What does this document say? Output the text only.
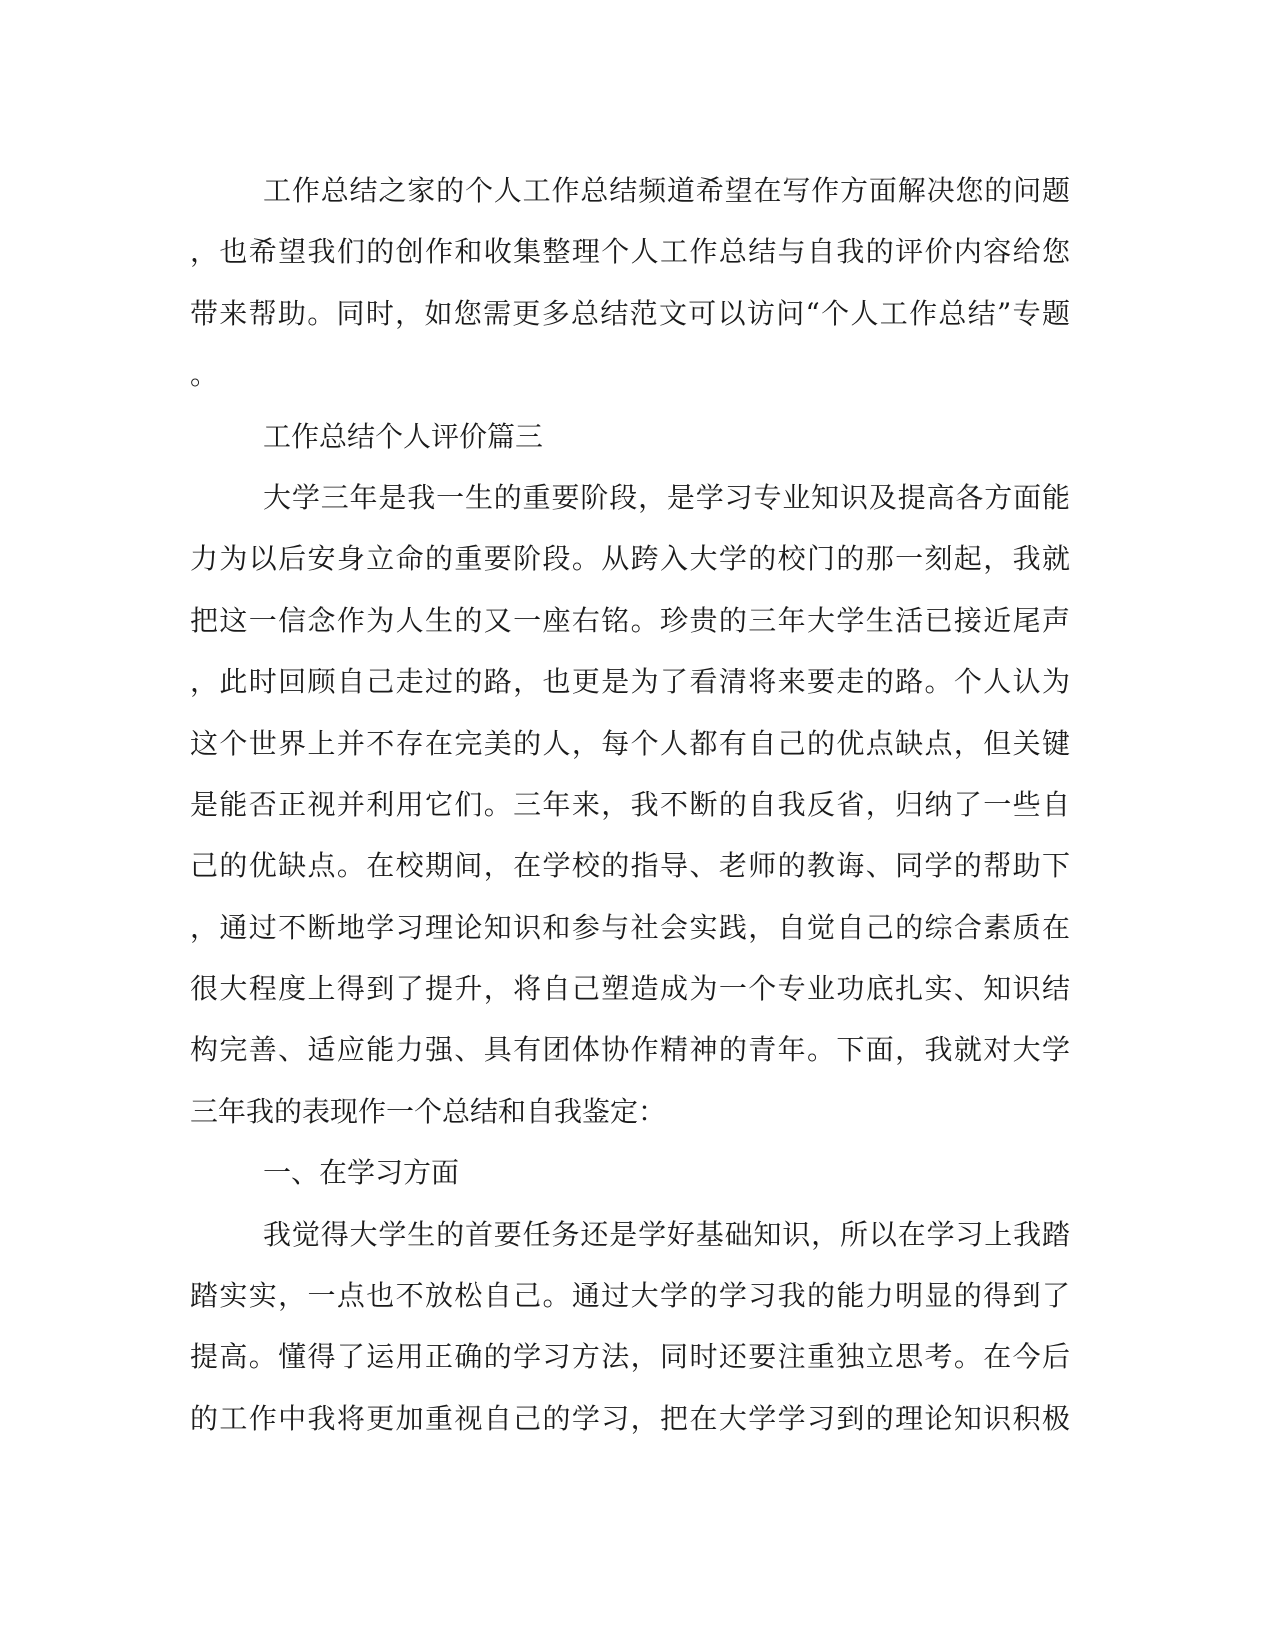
工作总结之家的个人工作总结频道希望在写作方面解决您的问题
，也希望我们的创作和收集整理个人工作总结与自我的评价内容给您
带来帮助。同时，如您需更多总结范文可以访问“个人工作总结”专题
。
工作总结个人评价篇三
大学三年是我一生的重要阶段，是学习专业知识及提高各方面能
力为以后安身立命的重要阶段。从跨入大学的校门的那一刻起，我就
把这一信念作为人生的又一座右铭。珍贵的三年大学生活已接近尾声
，此时回顾自己走过的路，也更是为了看清将来要走的路。个人认为
这个世界上并不存在完美的人，每个人都有自己的优点缺点，但关键
是能否正视并利用它们。三年来，我不断的自我反省，归纳了一些自
己的优缺点。在校期间，在学校的指导、老师的教诲、同学的帮助下
，通过不断地学习理论知识和参与社会实践，自觉自己的综合素质在
很大程度上得到了提升，将自己塑造成为一个专业功底扎实、知识结
构完善、适应能力强、具有团体协作精神的青年。下面，我就对大学
三年我的表现作一个总结和自我鉴定：
一、在学习方面
我觉得大学生的首要任务还是学好基础知识，所以在学习上我踏
踏实实，一点也不放松自己。通过大学的学习我的能力明显的得到了
提高。懂得了运用正确的学习方法，同时还要注重独立思考。在今后
的工作中我将更加重视自己的学习，把在大学学习到的理论知识积极
